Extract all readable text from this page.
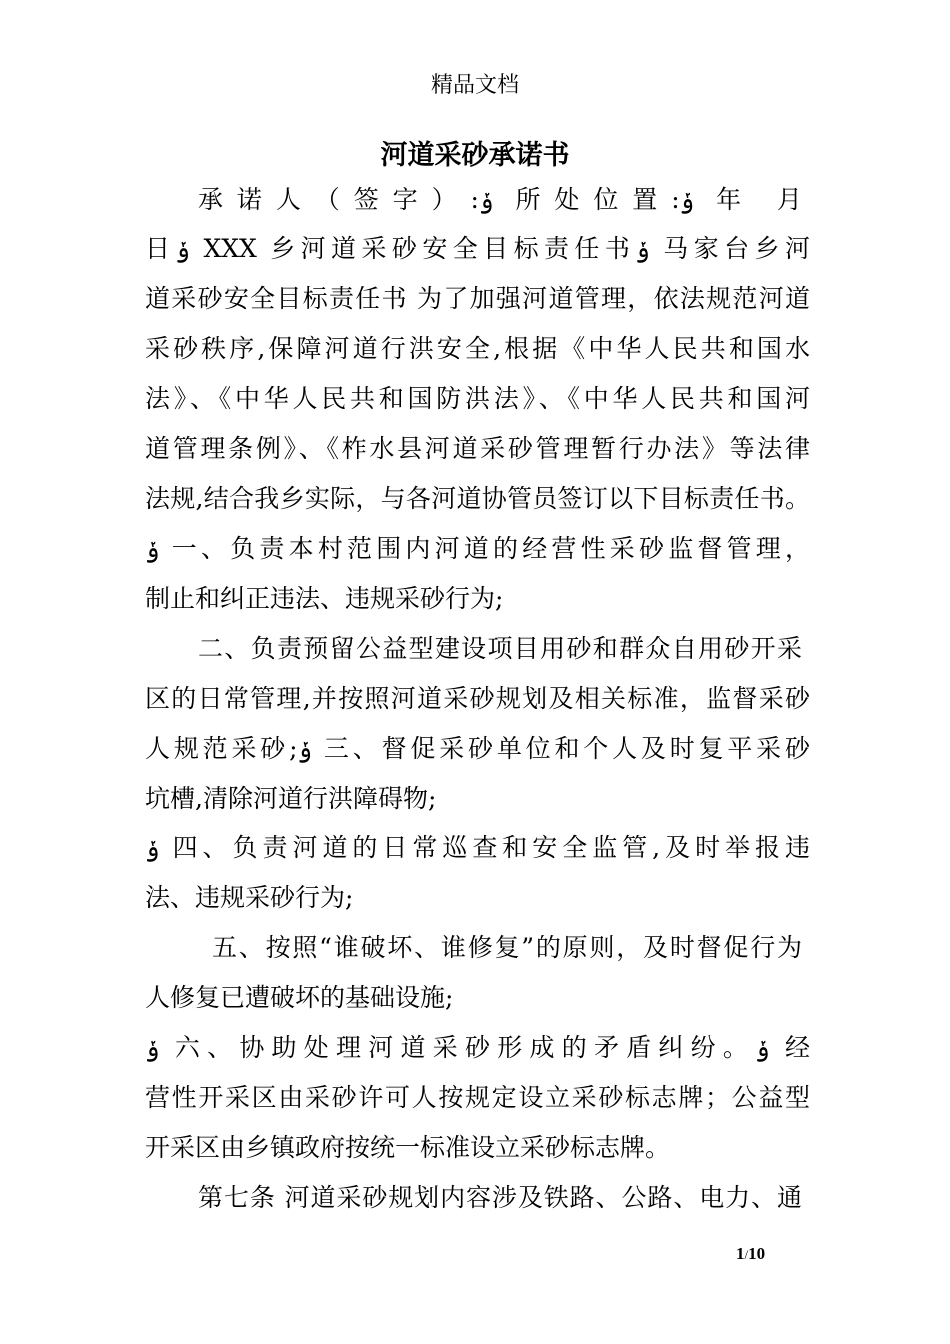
精品文档
河道采砂承诺书
承诺人（签字）:ݸ 所处位置:ݸ 年 月
日ݸ XXX 乡河道采砂安全目标责任书ݸ 马家台乡河
道采砂安全目标责任书 为了加强河道管理，依法规范河道
采砂秩序,保障河道行洪安全,根据《中华人民共和国水
法》、《中华人民共和国防洪法》、《中华人民共和国河
道管理条例》、《柞水县河道采砂管理暂行办法》等法律
法规,结合我乡实际，与各河道协管员签订以下目标责任书。
ݸ 一、负责本村范围内河道的经营性采砂监督管理，
制止和纠正违法、违规采砂行为;
二、负责预留公益型建设项目用砂和群众自用砂开采
区的日常管理,并按照河道采砂规划及相关标准，监督采砂
人规范采砂;ݸ 三、督促采砂单位和个人及时复平采砂
坑槽,清除河道行洪障碍物;
ݸ 四、负责河道的日常巡查和安全监管,及时举报违
法、违规采砂行为;
五、按照“谁破坏、谁修复”的原则，及时督促行为
人修复已遭破坏的基础设施;
ݸ 六、协助处理河道采砂形成的矛盾纠纷。ݸ 经
营性开采区由采砂许可人按规定设立采砂标志牌；公益型
开采区由乡镇政府按统一标准设立采砂标志牌。
第七条 河道采砂规划内容涉及铁路、公路、电力、通
1/10
